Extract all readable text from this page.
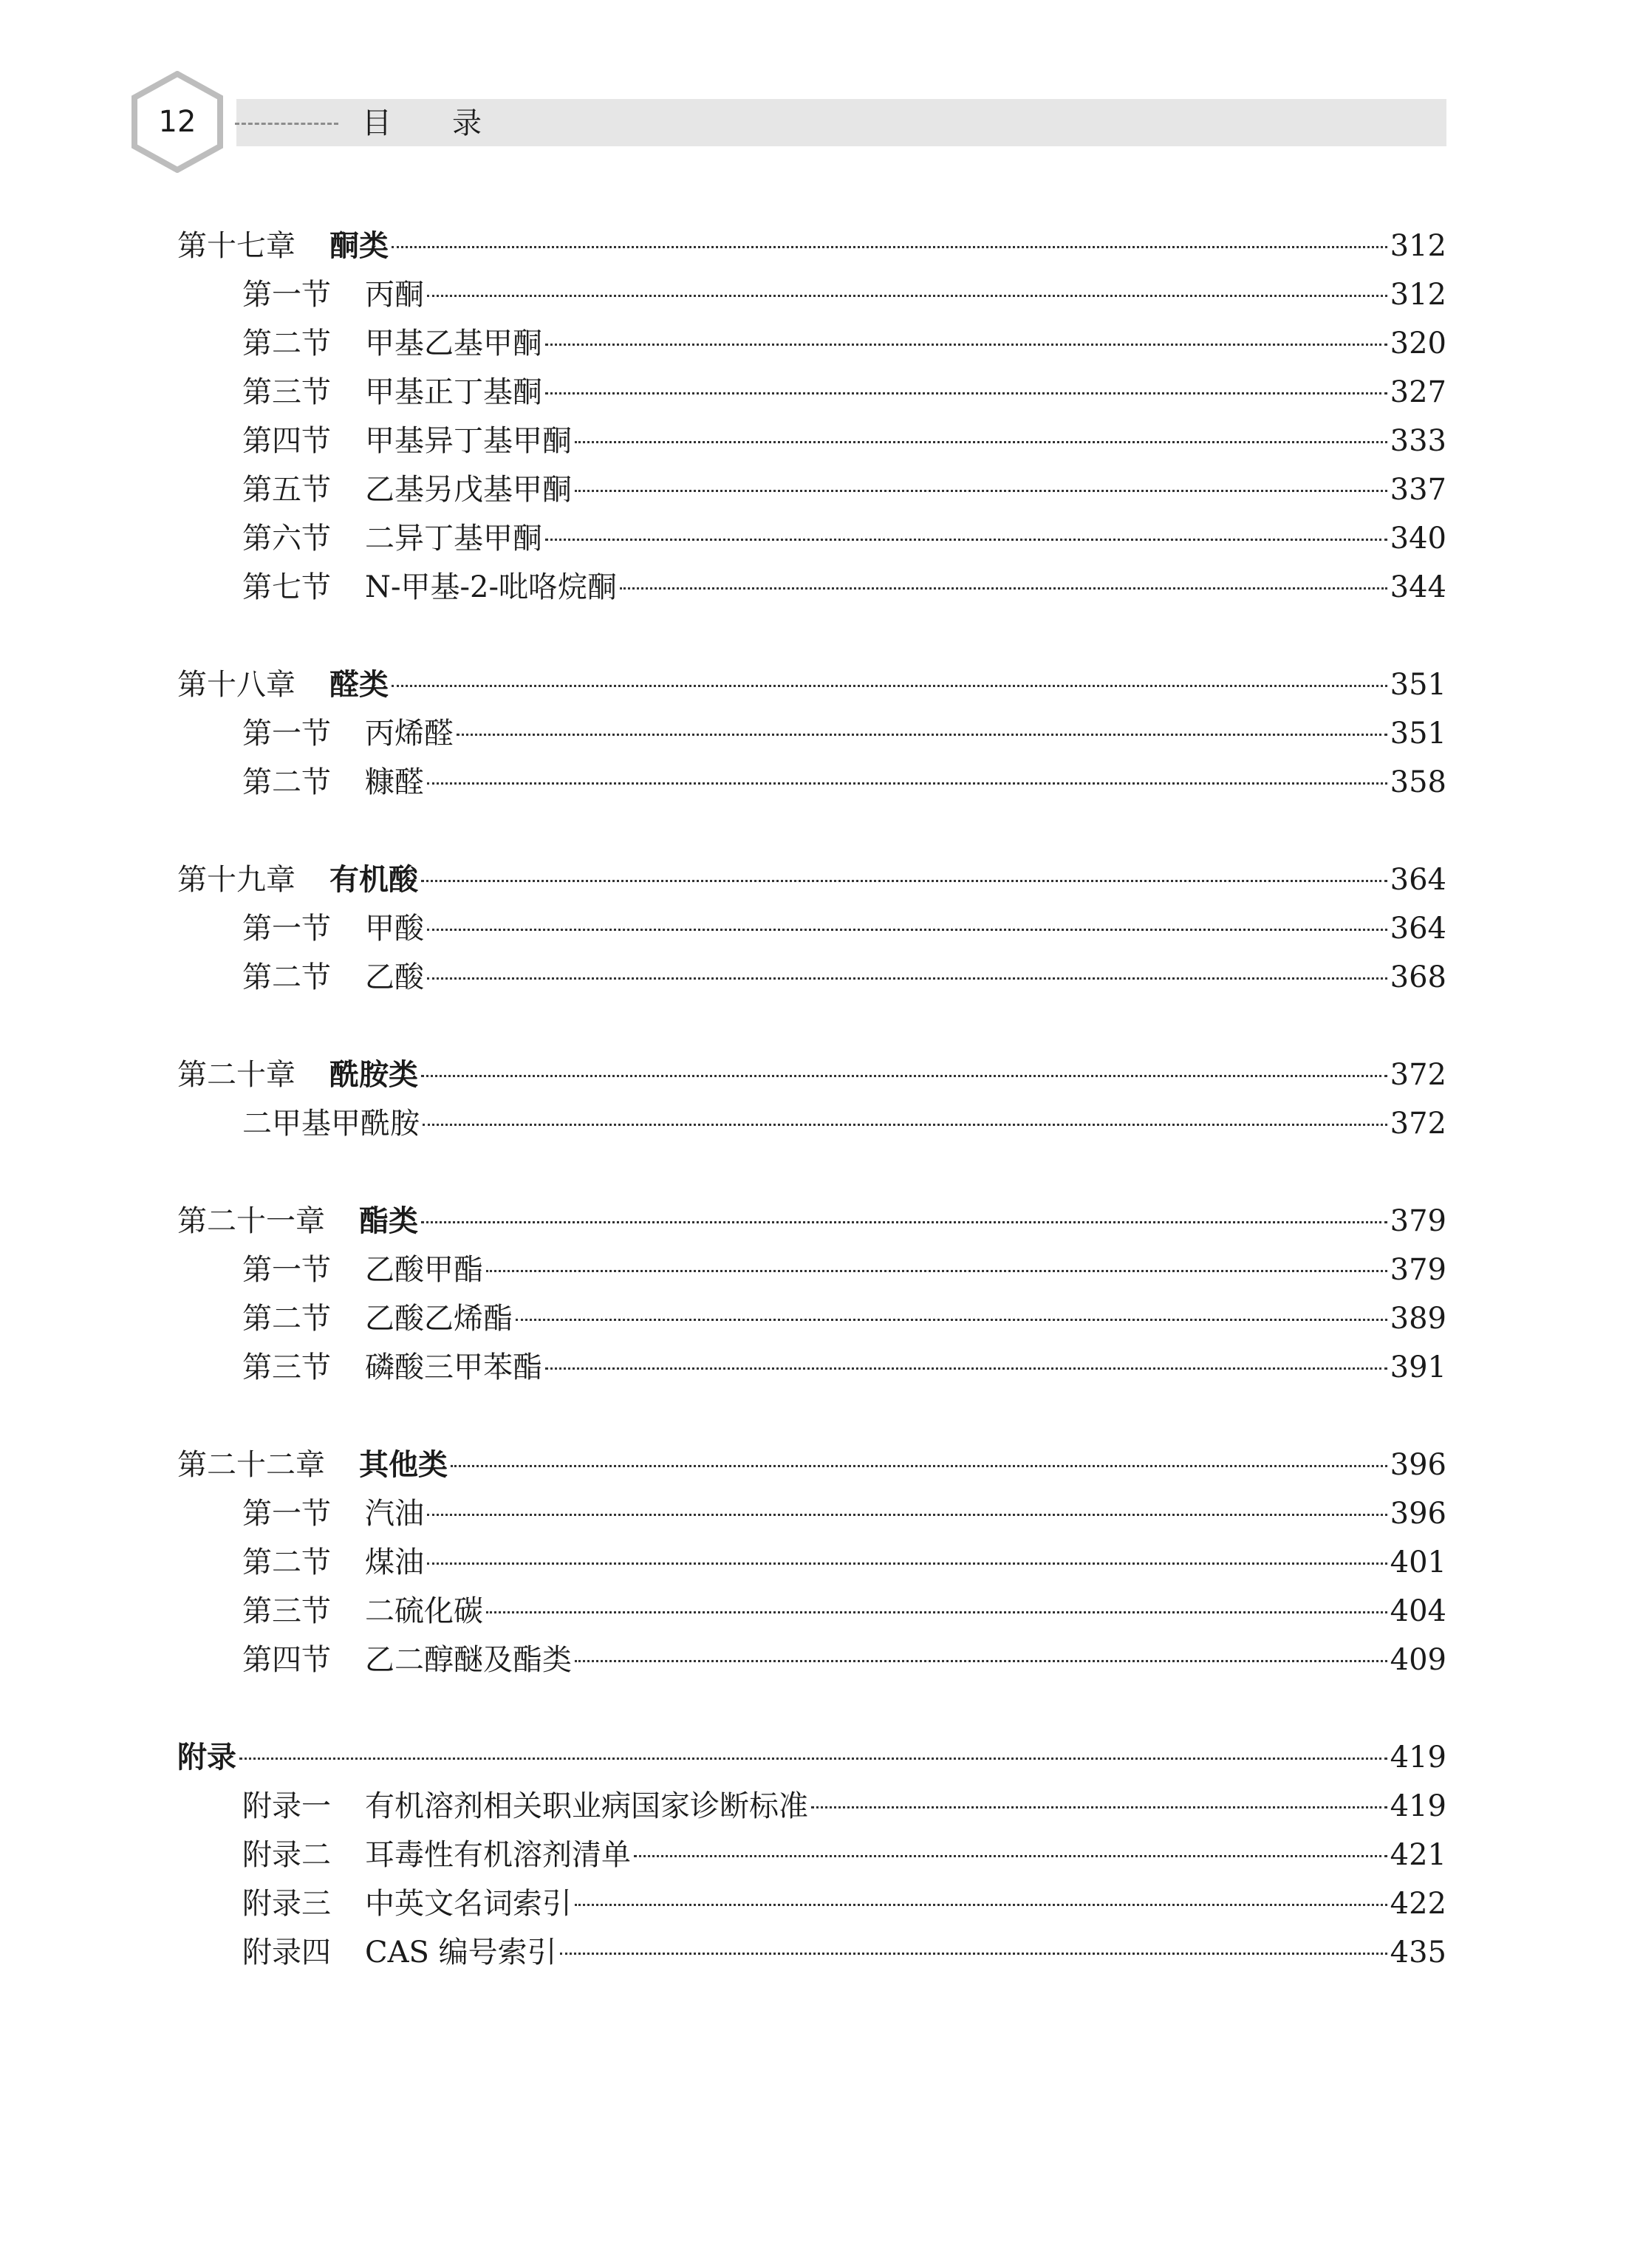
12	目录
第十七章 酮类	312
第一节 丙酮	312
第二节 甲基乙基甲酮	320
第三节 甲基正丁基酮	327
第四节 甲基异丁基甲酮	333
第五节 乙基另戊基甲酮	337
第六节 二异丁基甲酮	340
第七节 N-甲基-2-吡咯烷酮	344
第十八章 醛类	351
第一节 丙烯醛	351
第二节 糠醛	358
第十九章 有机酸	364
第一节 甲酸	364
第二节 乙酸	368
第二十章 酰胺类	372
二甲基甲酰胺	372
第二十一章 酯类	379
第一节 乙酸甲酯	379
第二节 乙酸乙烯酯	389
第三节 磷酸三甲苯酯	391
第二十二章 其他类	396
第一节 汽油	396
第二节 煤油	401
第三节 二硫化碳	404
第四节 乙二醇醚及酯类	409
附录	419
附录一 有机溶剂相关职业病国家诊断标准	419
附录二 耳毒性有机溶剂清单	421
附录三 中英文名词索引	422
附录四 CAS 编号索引	435
